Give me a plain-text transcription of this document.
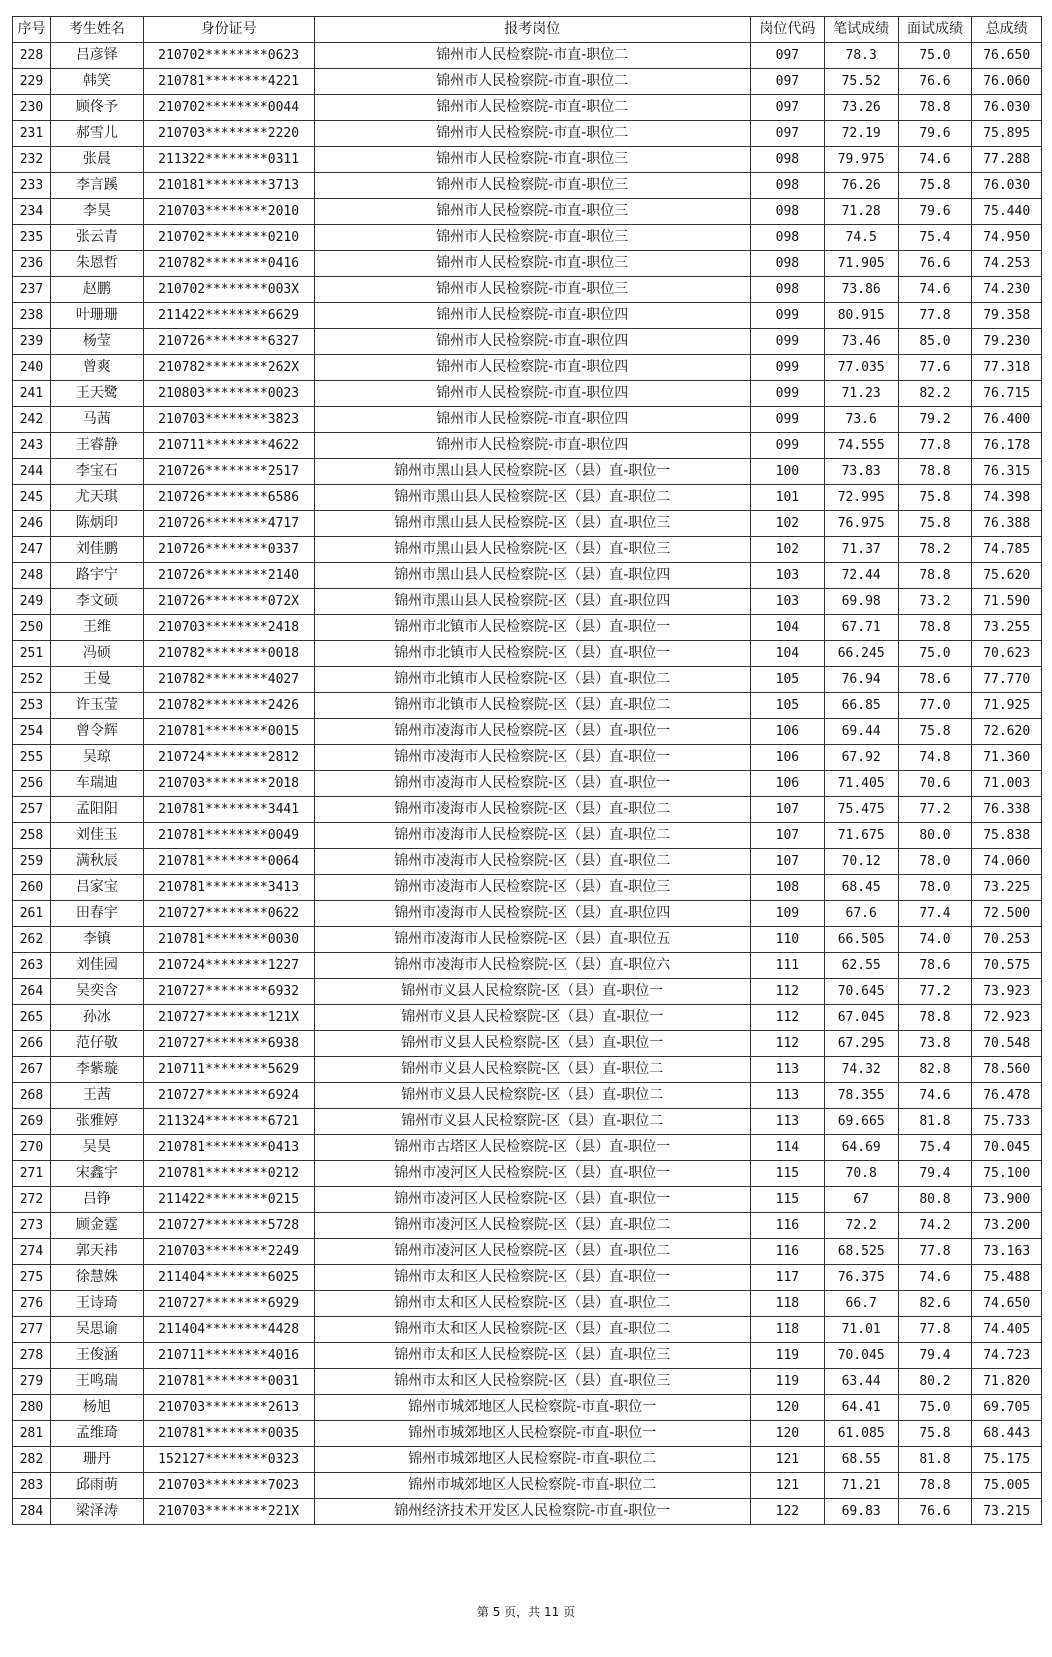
序号	考生姓名	身份证号	报考岗位	岗位代码	笔试成绩	面试成绩	总成绩
228	吕彦铎	210702********0623	锦州市人民检察院-市直-职位二	097	78.3	75.0	76.650
229	韩笑	210781********4221	锦州市人民检察院-市直-职位二	097	75.52	76.6	76.060
230	顾佟予	210702********0044	锦州市人民检察院-市直-职位二	097	73.26	78.8	76.030
231	郝雪儿	210703********2220	锦州市人民检察院-市直-职位二	097	72.19	79.6	75.895
232	张晨	211322********0311	锦州市人民检察院-市直-职位三	098	79.975	74.6	77.288
233	李言蹊	210181********3713	锦州市人民检察院-市直-职位三	098	76.26	75.8	76.030
234	李昊	210703********2010	锦州市人民检察院-市直-职位三	098	71.28	79.6	75.440
235	张云青	210702********0210	锦州市人民检察院-市直-职位三	098	74.5	75.4	74.950
236	朱恩哲	210782********0416	锦州市人民检察院-市直-职位三	098	71.905	76.6	74.253
237	赵鹏	210702********003X	锦州市人民检察院-市直-职位三	098	73.86	74.6	74.230
238	叶珊珊	211422********6629	锦州市人民检察院-市直-职位四	099	80.915	77.8	79.358
239	杨莹	210726********6327	锦州市人民检察院-市直-职位四	099	73.46	85.0	79.230
240	曾爽	210782********262X	锦州市人民检察院-市直-职位四	099	77.035	77.6	77.318
241	王天鹭	210803********0023	锦州市人民检察院-市直-职位四	099	71.23	82.2	76.715
242	马茜	210703********3823	锦州市人民检察院-市直-职位四	099	73.6	79.2	76.400
243	王睿静	210711********4622	锦州市人民检察院-市直-职位四	099	74.555	77.8	76.178
244	李宝石	210726********2517	锦州市黑山县人民检察院-区（县）直-职位一	100	73.83	78.8	76.315
245	尤天琪	210726********6586	锦州市黑山县人民检察院-区（县）直-职位二	101	72.995	75.8	74.398
246	陈炳印	210726********4717	锦州市黑山县人民检察院-区（县）直-职位三	102	76.975	75.8	76.388
247	刘佳鹏	210726********0337	锦州市黑山县人民检察院-区（县）直-职位三	102	71.37	78.2	74.785
248	路宇宁	210726********2140	锦州市黑山县人民检察院-区（县）直-职位四	103	72.44	78.8	75.620
249	李文硕	210726********072X	锦州市黑山县人民检察院-区（县）直-职位四	103	69.98	73.2	71.590
250	王维	210703********2418	锦州市北镇市人民检察院-区（县）直-职位一	104	67.71	78.8	73.255
251	冯硕	210782********0018	锦州市北镇市人民检察院-区（县）直-职位一	104	66.245	75.0	70.623
252	王曼	210782********4027	锦州市北镇市人民检察院-区（县）直-职位二	105	76.94	78.6	77.770
253	许玉莹	210782********2426	锦州市北镇市人民检察院-区（县）直-职位二	105	66.85	77.0	71.925
254	曾令辉	210781********0015	锦州市凌海市人民检察院-区（县）直-职位一	106	69.44	75.8	72.620
255	吴琼	210724********2812	锦州市凌海市人民检察院-区（县）直-职位一	106	67.92	74.8	71.360
256	车瑞迪	210703********2018	锦州市凌海市人民检察院-区（县）直-职位一	106	71.405	70.6	71.003
257	孟阳阳	210781********3441	锦州市凌海市人民检察院-区（县）直-职位二	107	75.475	77.2	76.338
258	刘佳玉	210781********0049	锦州市凌海市人民检察院-区（县）直-职位二	107	71.675	80.0	75.838
259	满秋辰	210781********0064	锦州市凌海市人民检察院-区（县）直-职位二	107	70.12	78.0	74.060
260	吕家宝	210781********3413	锦州市凌海市人民检察院-区（县）直-职位三	108	68.45	78.0	73.225
261	田春宇	210727********0622	锦州市凌海市人民检察院-区（县）直-职位四	109	67.6	77.4	72.500
262	李镇	210781********0030	锦州市凌海市人民检察院-区（县）直-职位五	110	66.505	74.0	70.253
263	刘佳园	210724********1227	锦州市凌海市人民检察院-区（县）直-职位六	111	62.55	78.6	70.575
264	吴奕含	210727********6932	锦州市义县人民检察院-区（县）直-职位一	112	70.645	77.2	73.923
265	孙冰	210727********121X	锦州市义县人民检察院-区（县）直-职位一	112	67.045	78.8	72.923
266	范仔敬	210727********6938	锦州市义县人民检察院-区（县）直-职位一	112	67.295	73.8	70.548
267	李紫璇	210711********5629	锦州市义县人民检察院-区（县）直-职位二	113	74.32	82.8	78.560
268	王茜	210727********6924	锦州市义县人民检察院-区（县）直-职位二	113	78.355	74.6	76.478
269	张雅婷	211324********6721	锦州市义县人民检察院-区（县）直-职位二	113	69.665	81.8	75.733
270	吴昊	210781********0413	锦州市古塔区人民检察院-区（县）直-职位一	114	64.69	75.4	70.045
271	宋鑫宇	210781********0212	锦州市凌河区人民检察院-区（县）直-职位一	115	70.8	79.4	75.100
272	吕铮	211422********0215	锦州市凌河区人民检察院-区（县）直-职位一	115	67	80.8	73.900
273	顾金霆	210727********5728	锦州市凌河区人民检察院-区（县）直-职位二	116	72.2	74.2	73.200
274	郭天祎	210703********2249	锦州市凌河区人民检察院-区（县）直-职位二	116	68.525	77.8	73.163
275	徐慧姝	211404********6025	锦州市太和区人民检察院-区（县）直-职位一	117	76.375	74.6	75.488
276	王诗琦	210727********6929	锦州市太和区人民检察院-区（县）直-职位二	118	66.7	82.6	74.650
277	吴思谕	211404********4428	锦州市太和区人民检察院-区（县）直-职位二	118	71.01	77.8	74.405
278	王俊涵	210711********4016	锦州市太和区人民检察院-区（县）直-职位三	119	70.045	79.4	74.723
279	王鸣瑞	210781********0031	锦州市太和区人民检察院-区（县）直-职位三	119	63.44	80.2	71.820
280	杨旭	210703********2613	锦州市城郊地区人民检察院-市直-职位一	120	64.41	75.0	69.705
281	孟维琦	210781********0035	锦州市城郊地区人民检察院-市直-职位一	120	61.085	75.8	68.443
282	珊丹	152127********0323	锦州市城郊地区人民检察院-市直-职位二	121	68.55	81.8	75.175
283	邱雨萌	210703********7023	锦州市城郊地区人民检察院-市直-职位二	121	71.21	78.8	75.005
284	梁泽涛	210703********221X	锦州经济技术开发区人民检察院-市直-职位一	122	69.83	76.6	73.215
第 5 页，共 11 页
